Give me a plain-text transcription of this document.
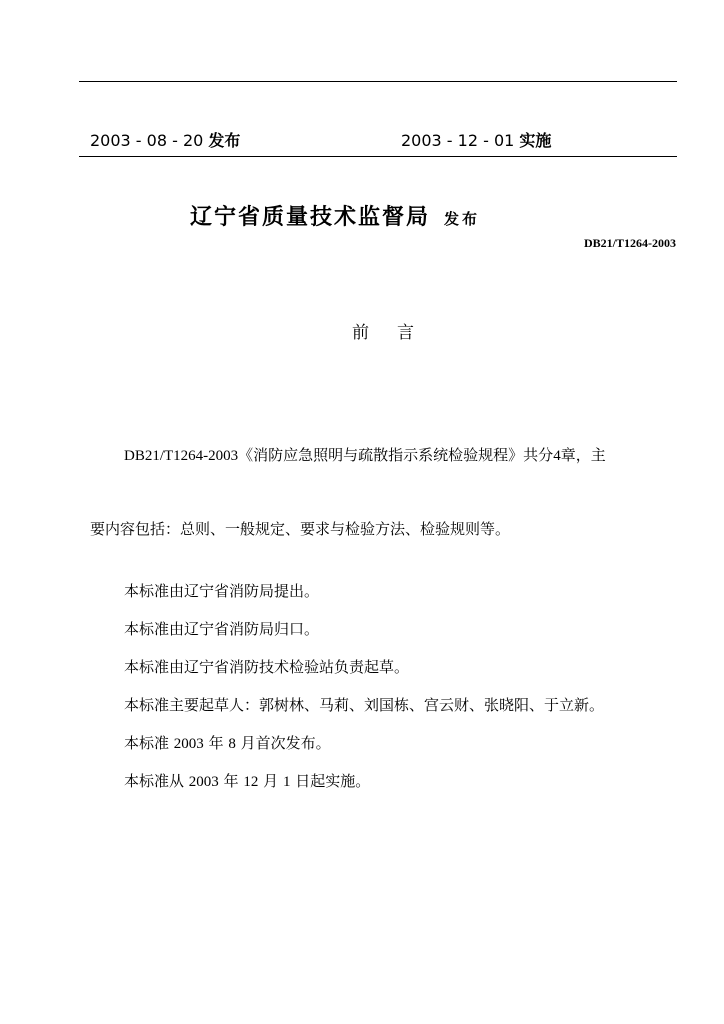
2003 - 08 - 20 发布	2003 - 12 - 01 实施
辽宁省质量技术监督局 发布
DB21/T1264-2003
前 言
DB21/T1264-2003《消防应急照明与疏散指示系统检验规程》共分4章，主
要内容包括：总则、一般规定、要求与检验方法、检验规则等。
本标准由辽宁省消防局提出。
本标准由辽宁省消防局归口。
本标准由辽宁省消防技术检验站负责起草。
本标准主要起草人：郭树林、马莉、刘国栋、宫云财、张晓阳、于立新。
本标准 2003 年 8 月首次发布。
本标准从 2003 年 12 月 1 日起实施。
